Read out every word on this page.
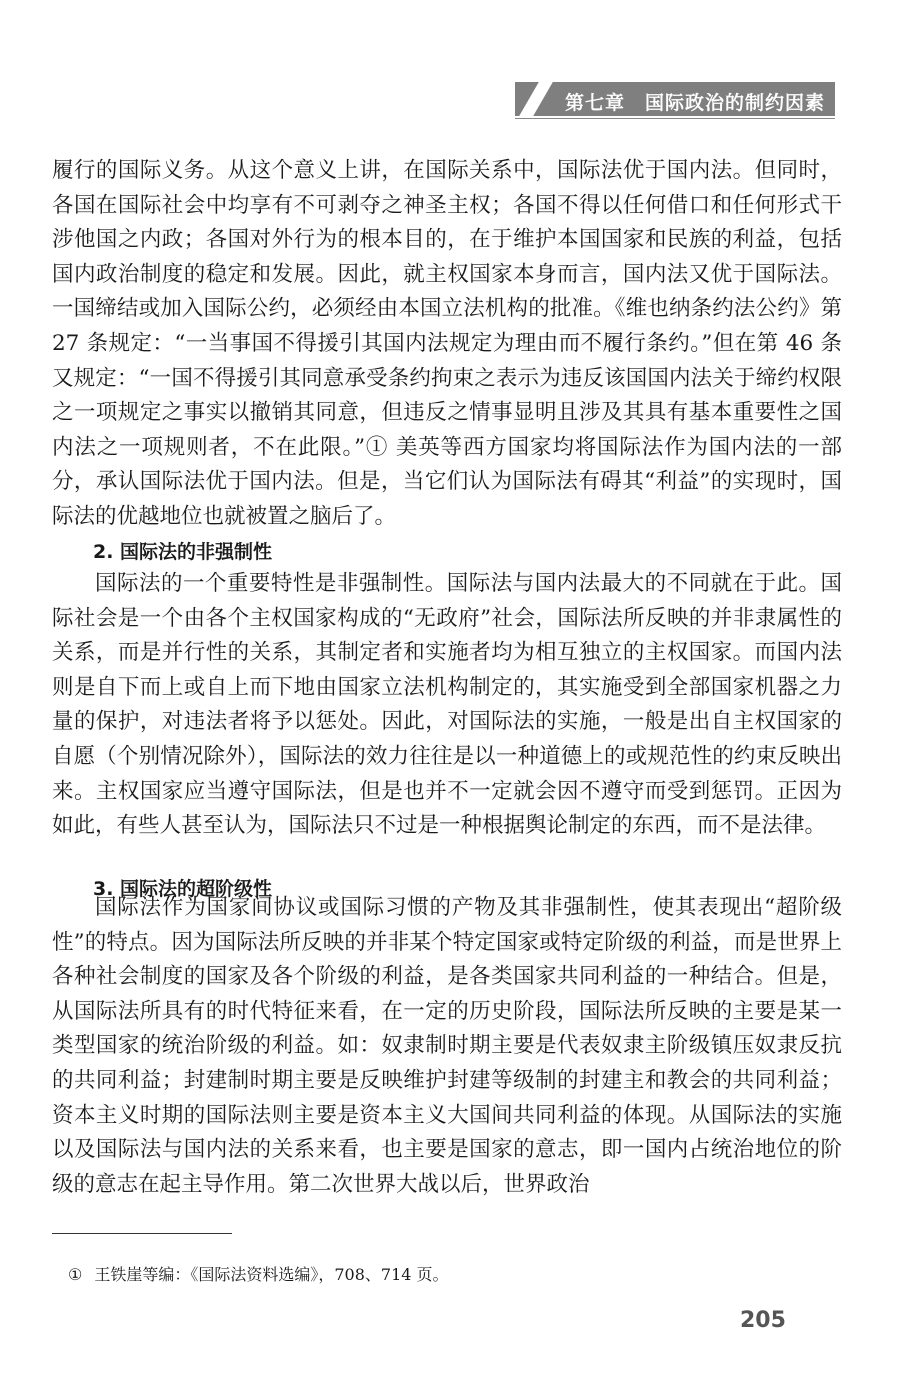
第七章　国际政治的制约因素
履行的国际义务。从这个意义上讲，在国际关系中，国际法优于国内法。但同时，各国在国际社会中均享有不可剥夺之神圣主权；各国不得以任何借口和任何形式干涉他国之内政；各国对外行为的根本目的，在于维护本国国家和民族的利益，包括国内政治制度的稳定和发展。因此，就主权国家本身而言，国内法又优于国际法。一国缔结或加入国际公约，必须经由本国立法机构的批准。《维也纳条约法公约》第 27 条规定：“一当事国不得援引其国内法规定为理由而不履行条约。”但在第 46 条又规定：“一国不得援引其同意承受条约拘束之表示为违反该国国内法关于缔约权限之一项规定之事实以撤销其同意，但违反之情事显明且涉及其具有基本重要性之国内法之一项规则者，不在此限。”① 美英等西方国家均将国际法作为国内法的一部分，承认国际法优于国内法。但是，当它们认为国际法有碍其“利益”的实现时，国际法的优越地位也就被置之脑后了。
2. 国际法的非强制性
国际法的一个重要特性是非强制性。国际法与国内法最大的不同就在于此。国际社会是一个由各个主权国家构成的“无政府”社会，国际法所反映的并非隶属性的关系，而是并行性的关系，其制定者和实施者均为相互独立的主权国家。而国内法则是自下而上或自上而下地由国家立法机构制定的，其实施受到全部国家机器之力量的保护，对违法者将予以惩处。因此，对国际法的实施，一般是出自主权国家的自愿（个别情况除外），国际法的效力往往是以一种道德上的或规范性的约束反映出来。主权国家应当遵守国际法，但是也并不一定就会因不遵守而受到惩罚。正因为如此，有些人甚至认为，国际法只不过是一种根据舆论制定的东西，而不是法律。
3. 国际法的超阶级性
国际法作为国家间协议或国际习惯的产物及其非强制性，使其表现出“超阶级性”的特点。因为国际法所反映的并非某个特定国家或特定阶级的利益，而是世界上各种社会制度的国家及各个阶级的利益，是各类国家共同利益的一种结合。但是，从国际法所具有的时代特征来看，在一定的历史阶段，国际法所反映的主要是某一类型国家的统治阶级的利益。如：奴隶制时期主要是代表奴隶主阶级镇压奴隶反抗的共同利益；封建制时期主要是反映维护封建等级制的封建主和教会的共同利益；资本主义时期的国际法则主要是资本主义大国间共同利益的体现。从国际法的实施以及国际法与国内法的关系来看，也主要是国家的意志，即一国内占统治地位的阶级的意志在起主导作用。第二次世界大战以后，世界政治
① 王铁崖等编：《国际法资料选编》，708、714 页。
205
